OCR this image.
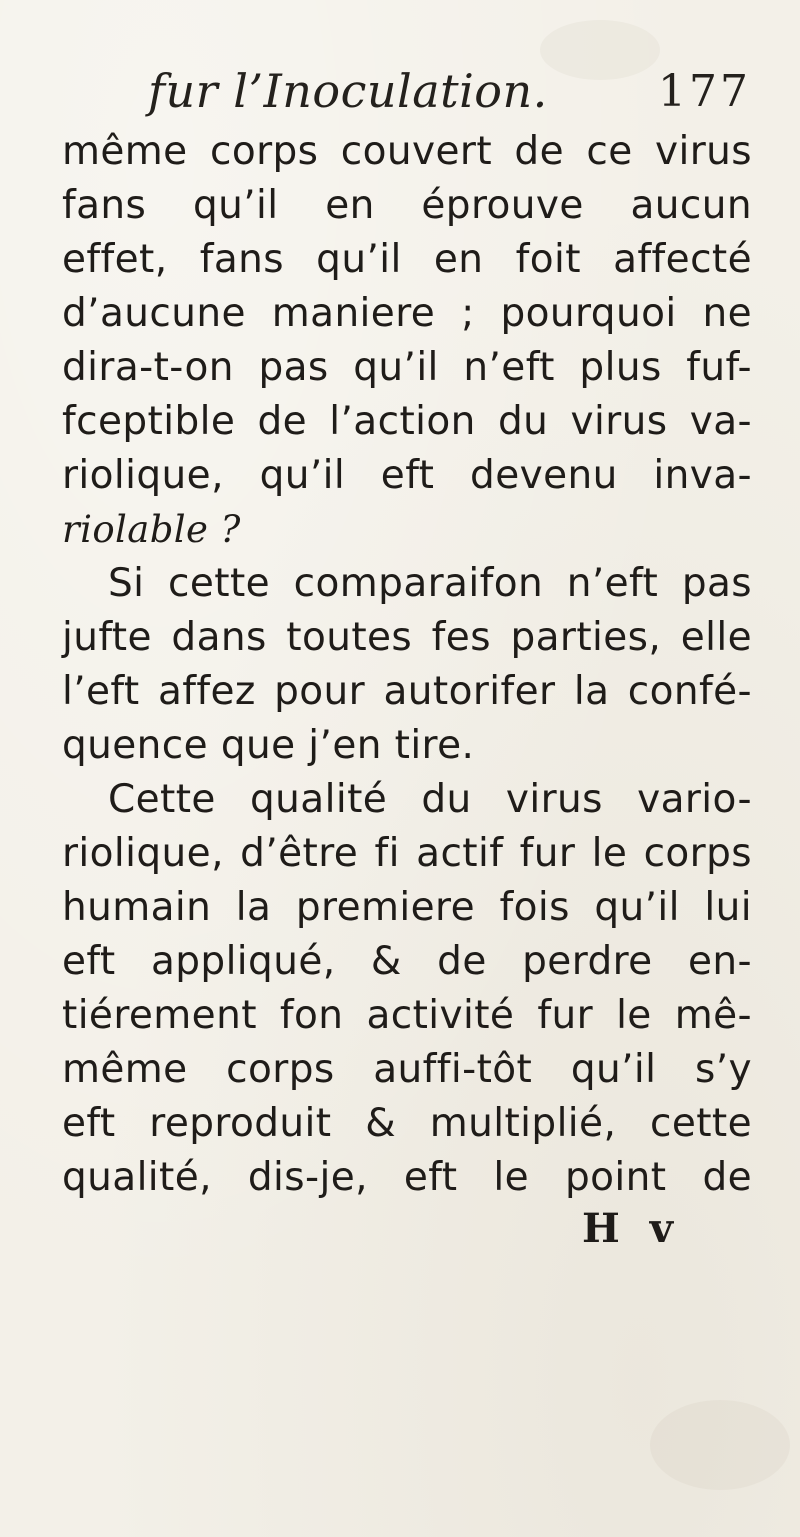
fur l’Inoculation.	177
même corps couvert de ce virus
fans qu’il en éprouve aucun
effet, fans qu’il en foit affecté
d’aucune maniere ; pourquoi ne
dira-t-on pas qu’il n’eft plus fuf-
fceptible de l’action du virus va-
riolique, qu’il eft devenu inva-
riolable ?
Si cette comparaifon n’eft pas
jufte dans toutes fes parties, elle
l’eft affez pour autorifer la confé-
quence que j’en tire.
Cette qualité du virus vario-
riolique, d’être fi actif fur le corps
humain la premiere fois qu’il lui
eft appliqué, & de perdre en-
tiérement fon activité fur le mê-
même corps auffi-tôt qu’il s’y
eft reproduit & multiplié, cette
qualité, dis-je, eft le point de
H v
